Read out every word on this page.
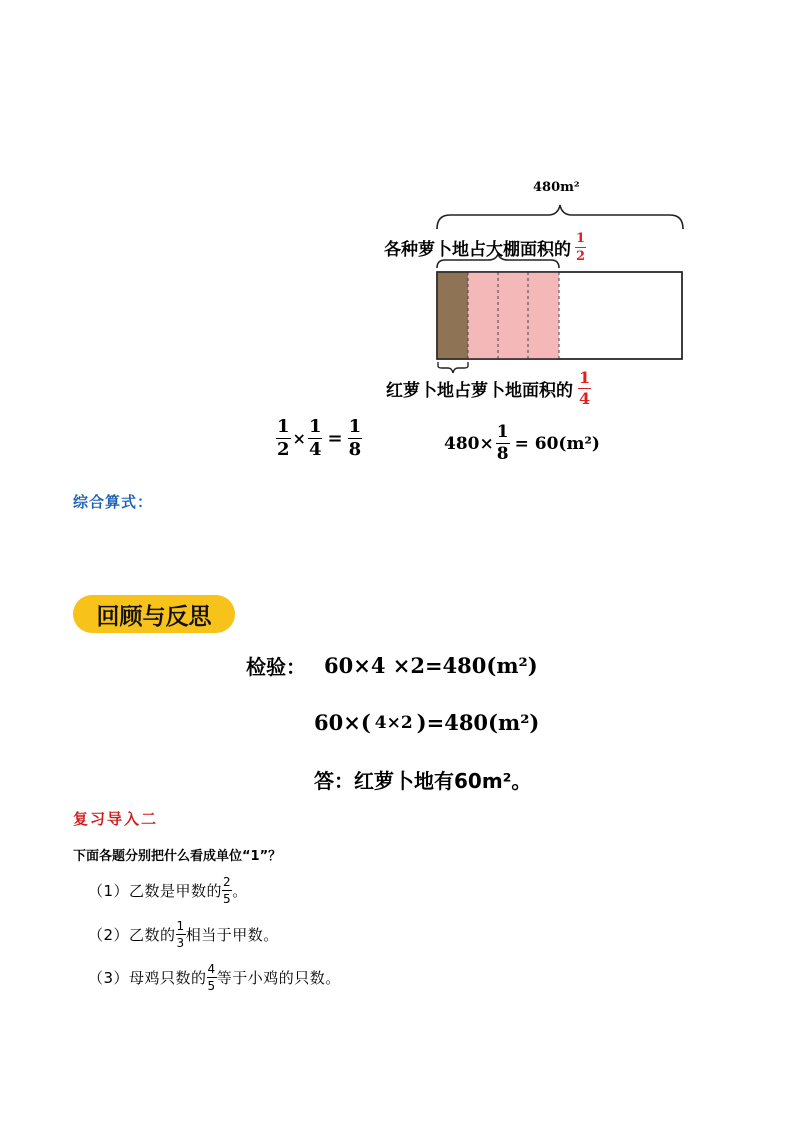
480m²
各种萝卜地占大棚面积的 $\frac{1}{2}$
红萝卜地占萝卜地面积的 $\frac{1}{4}$
$\frac{1}{2} \times \frac{1}{4} = \frac{1}{8}$	$480\times \frac{1}{8} = 60(m^2)$
综合算式：
回顾与反思
检验： 60×4 ×2=480(m²)
60×( 4×2 )=480(m²)
答：红萝卜地有60m²。
复习导入二
下面各题分别把什么看成单位“1”？
（1）乙数是甲数的 $\frac{2}{5}$ 。
（2）乙数的 $\frac{1}{3}$ 相当于甲数。
（3）母鸡只数的 $\frac{4}{5}$ 等于小鸡的只数。
